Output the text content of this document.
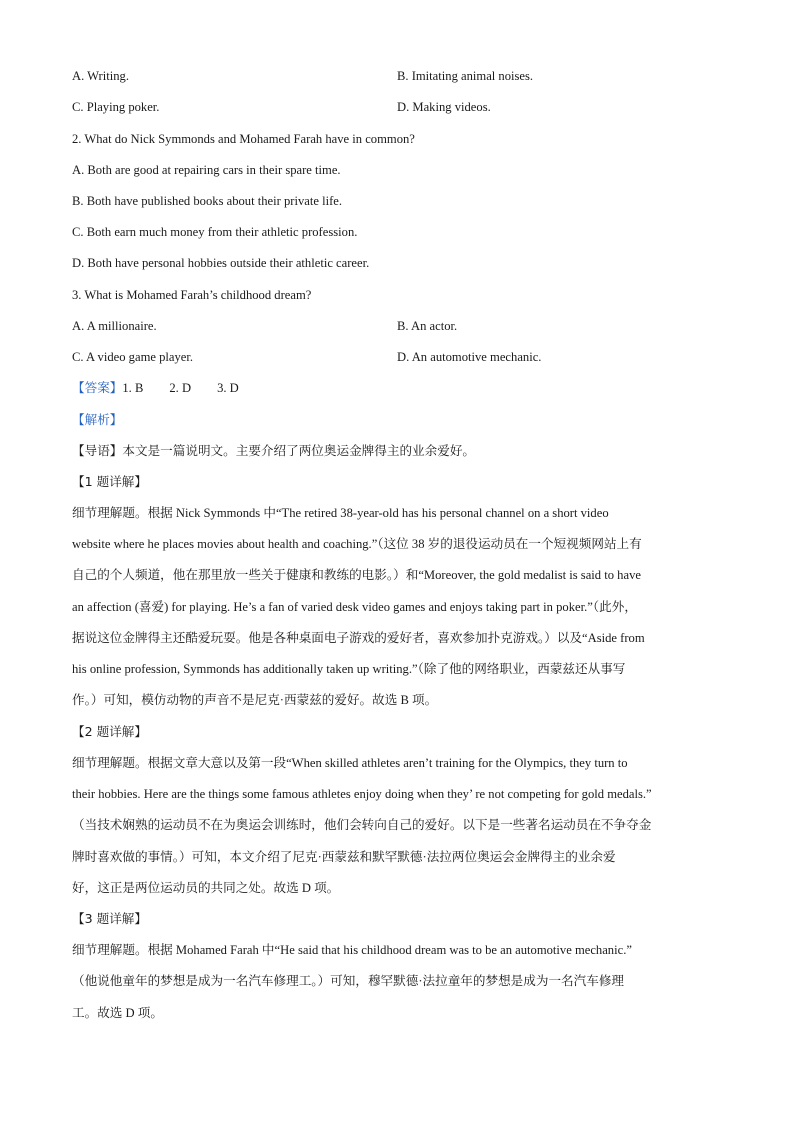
A. Writing.	B. Imitating animal noises.
C. Playing poker.	D. Making videos.
2. What do Nick Symmonds and Mohamed Farah have in common?
A. Both are good at repairing cars in their spare time.
B. Both have published books about their private life.
C. Both earn much money from their athletic profession.
D. Both have personal hobbies outside their athletic career.
3. What is Mohamed Farah’s childhood dream?
A. A millionaire.	B. An actor.
C. A video game player.	D. An automotive mechanic.
【答案】1. B 2. D 3. D
【解析】
【导语】本文是一篇说明文。主要介绍了两位奥运金牌得主的业余爱好。
【1 题详解】
细节理解题。根据 Nick Symmonds 中“The retired 38-year-old has his personal channel on a short video
website where he places movies about health and coaching.”（这位 38 岁的退役运动员在一个短视频网站上有
自己的个人频道，他在那里放一些关于健康和教练的电影。）和“Moreover, the gold medalist is said to have
an affection (喜爱) for playing. He’s a fan of varied desk video games and enjoys taking part in poker.”（此外，
据说这位金牌得主还酷爱玩耍。他是各种桌面电子游戏的爱好者，喜欢参加扑克游戏。）以及“Aside from
his online profession, Symmonds has additionally taken up writing.”（除了他的网络职业，西蒙兹还从事写
作。）可知，模仿动物的声音不是尼克·西蒙兹的爱好。故选 B 项。
【2 题详解】
细节理解题。根据文章大意以及第一段“When skilled athletes aren’t training for the Olympics, they turn to
their hobbies. Here are the things some famous athletes enjoy doing when they’ re not competing for gold medals.”
（当技术娴熟的运动员不在为奥运会训练时，他们会转向自己的爱好。以下是一些著名运动员在不争夺金
牌时喜欢做的事情。）可知，本文介绍了尼克·西蒙兹和默罕默德·法拉两位奥运会金牌得主的业余爱
好，这正是两位运动员的共同之处。故选 D 项。
【3 题详解】
细节理解题。根据 Mohamed Farah 中“He said that his childhood dream was to be an automotive mechanic.”
（他说他童年的梦想是成为一名汽车修理工。）可知，穆罕默德·法拉童年的梦想是成为一名汽车修理
工。故选 D 项。
